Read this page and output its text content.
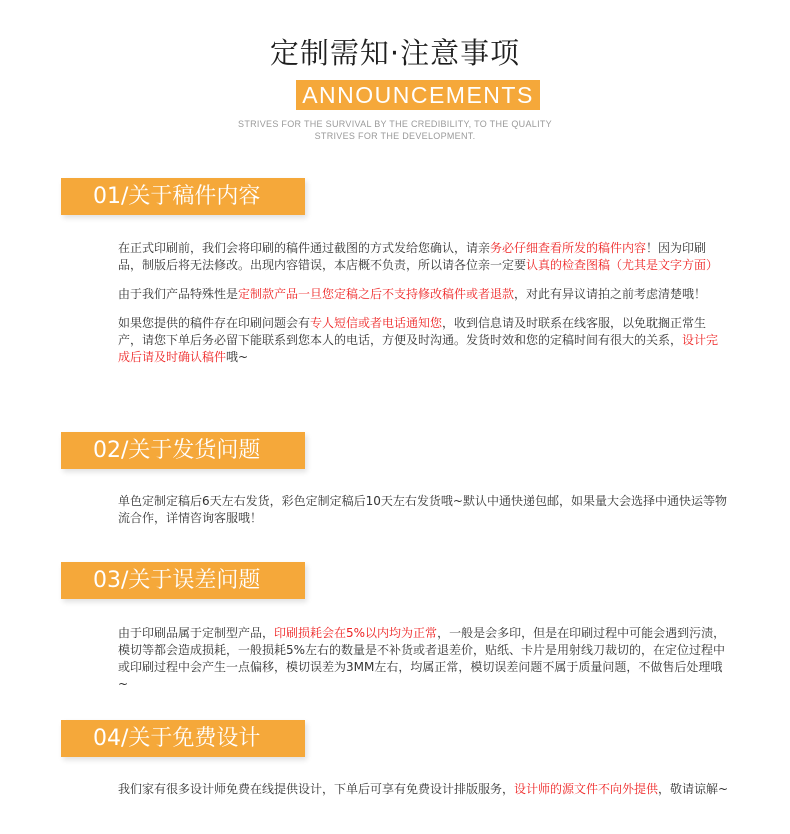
定制需知·注意事项
ANNOUNCEMENTS
STRIVES FOR THE SURVIVAL BY THE CREDIBILITY, TO THE QUALITY
STRIVES FOR THE DEVELOPMENT.
01/关于稿件内容

在正式印刷前，我们会将印刷的稿件通过截图的方式发给您确认，请亲务必仔细查看所发的稿件内容！因为印刷品，制版后将无法修改。出现内容错误，本店概不负责，所以请各位亲一定要认真的检查图稿（尤其是文字方面）

由于我们产品特殊性是定制款产品一旦您定稿之后不支持修改稿件或者退款，对此有异议请拍之前考虑清楚哦！

如果您提供的稿件存在印刷问题会有专人短信或者电话通知您，收到信息请及时联系在线客服，以免耽搁正常生产，请您下单后务必留下能联系到您本人的电话，方便及时沟通。发货时效和您的定稿时间有很大的关系，设计完成后请及时确认稿件哦~

02/关于发货问题

单色定制定稿后6天左右发货，彩色定制定稿后10天左右发货哦~默认中通快递包邮，如果量大会选择中通快运等物流合作，详情咨询客服哦！

03/关于误差问题

由于印刷品属于定制型产品，印刷损耗会在5%以内均为正常，一般是会多印，但是在印刷过程中可能会遇到污渍，模切等都会造成损耗，一般损耗5%左右的数量是不补货或者退差价，贴纸、卡片是用射线刀裁切的，在定位过程中或印刷过程中会产生一点偏移，模切误差为3MM左右，均属正常，模切误差问题不属于质量问题，不做售后处理哦~

04/关于免费设计

我们家有很多设计师免费在线提供设计，下单后可享有免费设计排版服务，设计师的源文件不向外提供，敬请谅解~
